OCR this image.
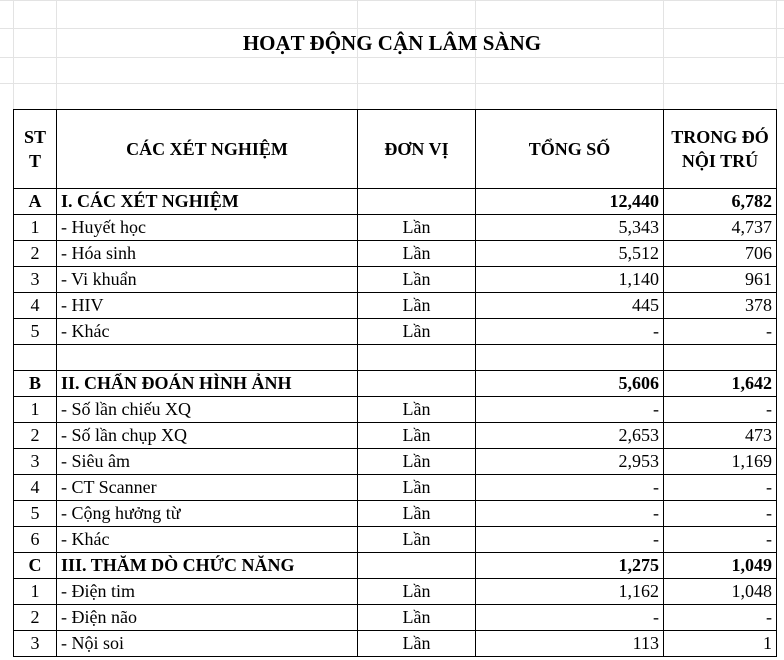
HOẠT ĐỘNG CẬN LÂM SÀNG
ST T	CÁC XÉT NGHIỆM	ĐƠN VỊ	TỔNG SỐ	TRONG ĐÓ NỘI TRÚ
A	I. CÁC XÉT NGHIỆM		12,440	6,782
1	- Huyết học	Lần	5,343	4,737
2	- Hóa sinh	Lần	5,512	706
3	- Vi khuẩn	Lần	1,140	961
4	- HIV	Lần	445	378
5	- Khác	Lần	-	-

B	II. CHẨN ĐOÁN HÌNH ẢNH		5,606	1,642
1	- Số lần chiếu XQ	Lần	-	-
2	- Số lần chụp XQ	Lần	2,653	473
3	- Siêu âm	Lần	2,953	1,169
4	- CT Scanner	Lần	-	-
5	- Cộng hưởng từ	Lần	-	-
6	- Khác	Lần	-	-
C	III. THĂM DÒ CHỨC NĂNG		1,275	1,049
1	- Điện tim	Lần	1,162	1,048
2	- Điện não	Lần	-	-
3	- Nội soi	Lần	113	1
